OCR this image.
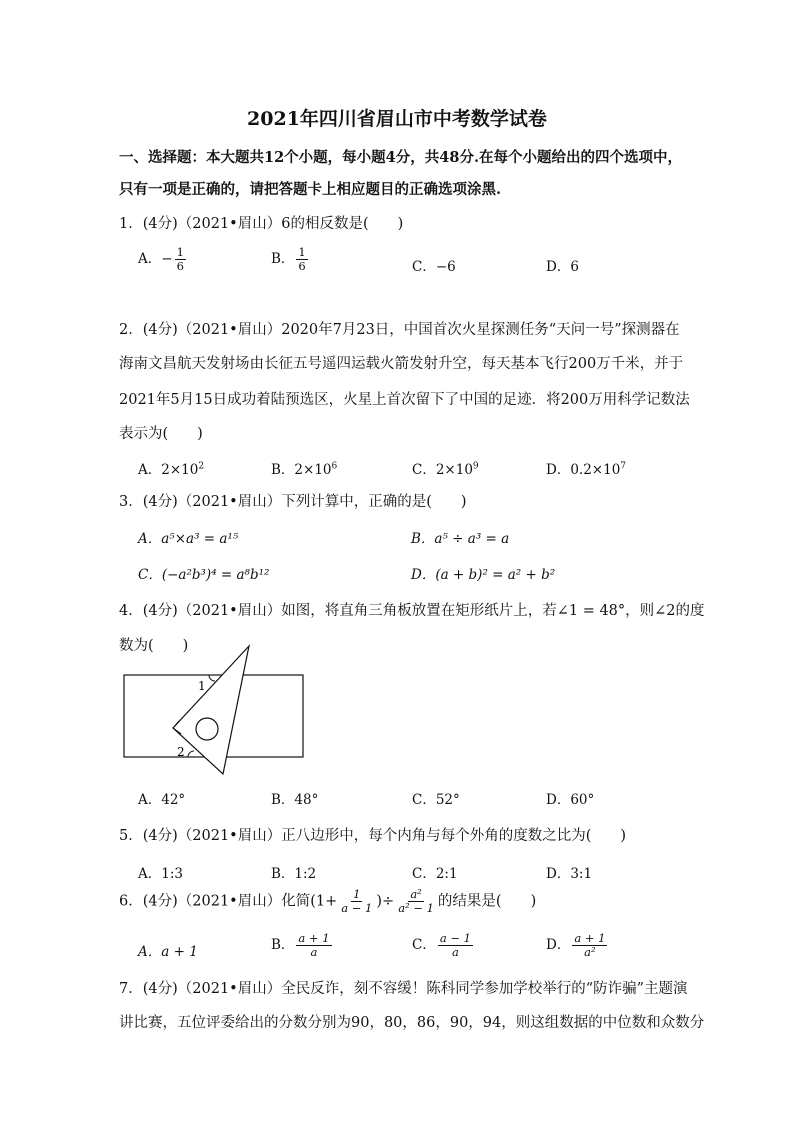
2021年四川省眉山市中考数学试卷
一、选择题：本大题共12个小题，每小题4分，共48分.在每个小题给出的四个选项中，
只有一项是正确的，请把答题卡上相应题目的正确选项涂黑.
1．(4分)（2021•眉山）6的相反数是(　　)
A．− $\frac{1}{6}$	B． $\frac{1}{6}$	C．−6	D．6
2．(4分)（2021•眉山）2020年7月23日，中国首次火星探测任务“天问一号”探测器在
海南文昌航天发射场由长征五号遥四运载火箭发射升空，每天基本飞行200万千米，并于
2021年5月15日成功着陆预选区，火星上首次留下了中国的足迹．将200万用科学记数法
表示为(　　)
A．$2\times 10^2$	B．$2\times 10^6$	C．$2\times 10^9$	D．$0.2\times 10^7$
3．(4分)（2021•眉山）下列计算中，正确的是(　　)
A．a⁵×a³ = a¹⁵	B．a⁵ ÷ a³ = a
C．(−a²b³)⁴ = a⁸b¹²	D．(a + b)² = a² + b²
4．(4分)（2021•眉山）如图，将直角三角板放置在矩形纸片上，若∠1 = 48°，则∠2的度
数为(　　)
1
2
A．42°	B．48°	C．52°	D．60°
5．(4分)（2021•眉山）正八边形中，每个内角与每个外角的度数之比为(　　)
A．1:3	B．1:2	C．2:1	D．3:1
6．(4分)（2021•眉山）化简($1+ \frac{1}{a - 1}$ )÷ $\frac{\text{a²}}{\text{a² − 1}}$ 的结果是(　　)
A．a + 1	B． $\frac{a + 1}{a}$	C． $\frac{a - 1}{a}$	D． $\frac{a + 1}{\text{a²}}$
7．(4分)（2021•眉山）全民反诈，刻不容缓！陈科同学参加学校举行的“防诈骗”主题演
讲比赛，五位评委给出的分数分别为90，80，86，90，94，则这组数据的中位数和众数分
